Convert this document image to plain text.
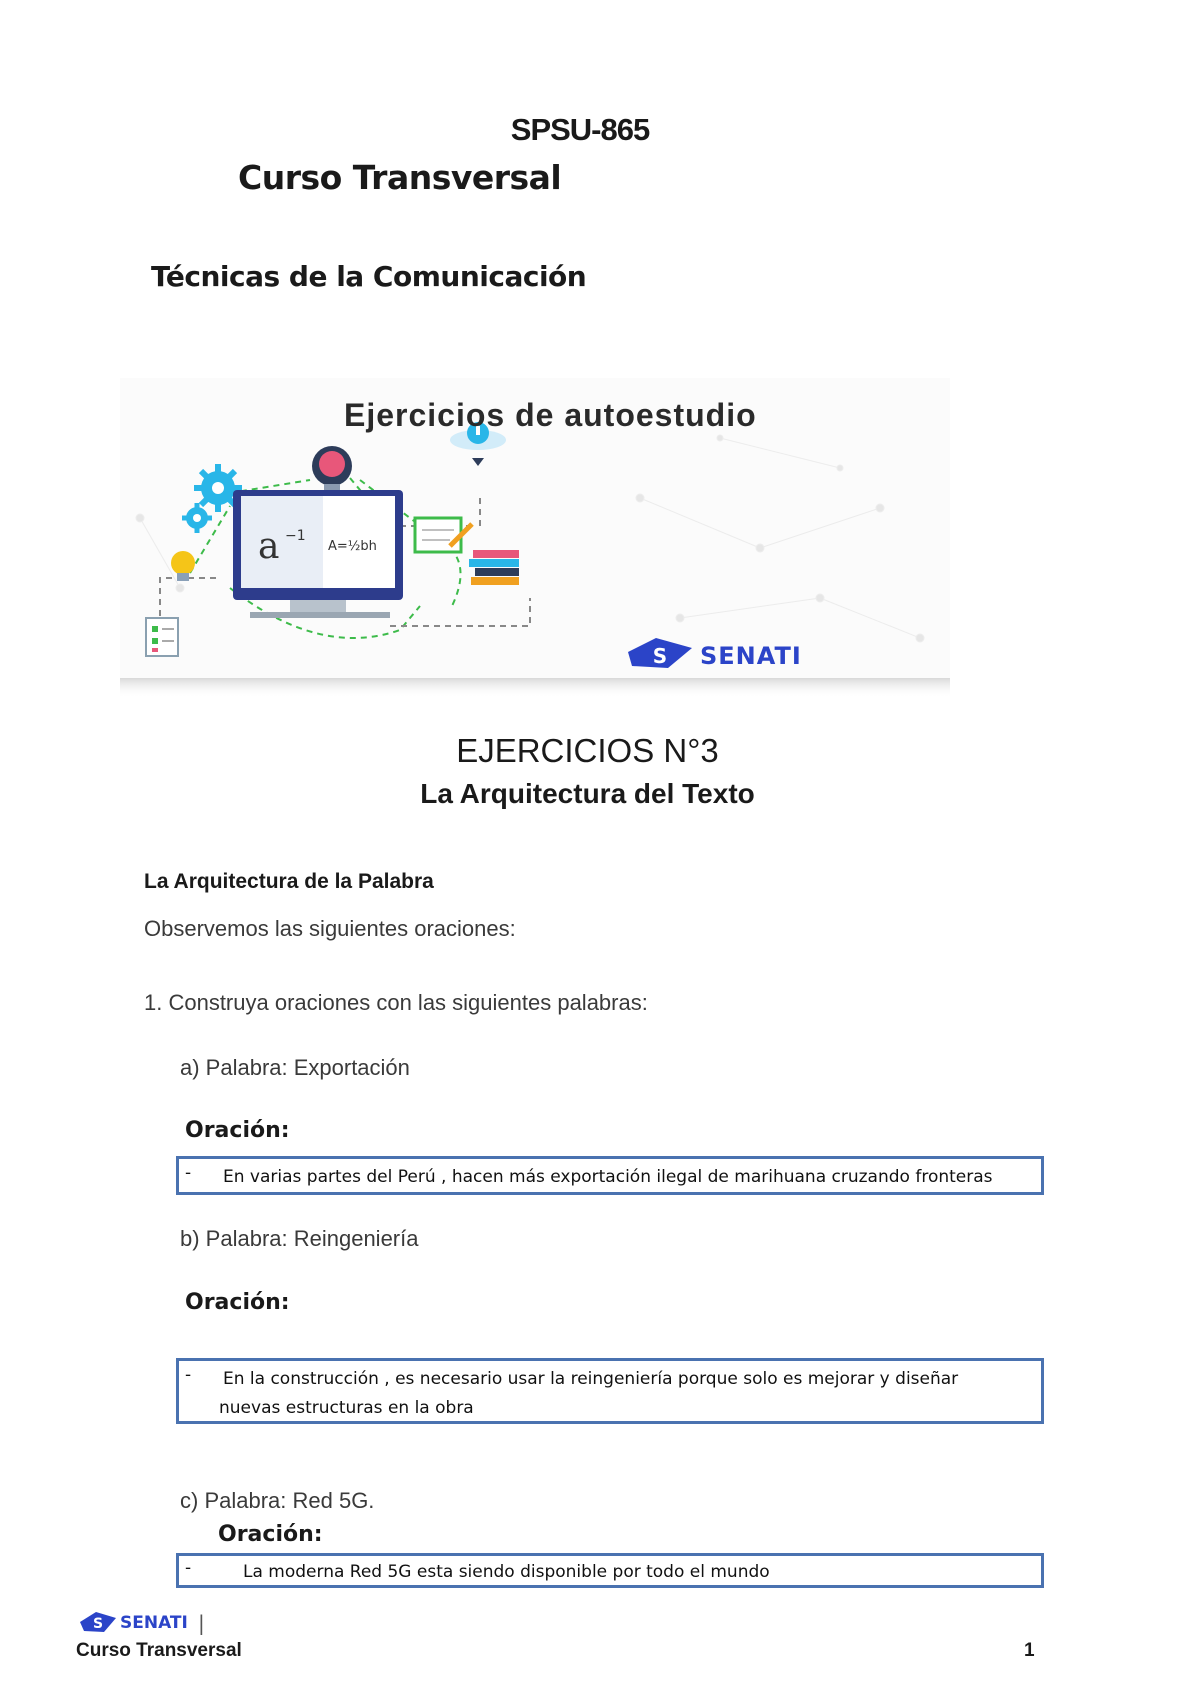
SPSU-865
Curso Transversal
Técnicas de la Comunicación
a −1
A=½bh
Ejercicios de autoestudio
S SENATI
EJERCICIOS N°3
La Arquitectura del Texto
La Arquitectura de la Palabra
Observemos las siguientes oraciones:
1. Construya oraciones con las siguientes palabras:
a) Palabra: Exportación
Oración:
- En varias partes del Perú , hacen más exportación ilegal de marihuana cruzando fronteras
b) Palabra: Reingeniería
Oración:
- En la construcción , es necesario usar la reingeniería porque solo es mejorar y diseñar
nuevas estructuras en la obra
c) Palabra: Red 5G.
Oración:
-	La moderna Red 5G esta siendo disponible por todo el mundo
S SENATI |
Curso Transversal	1
